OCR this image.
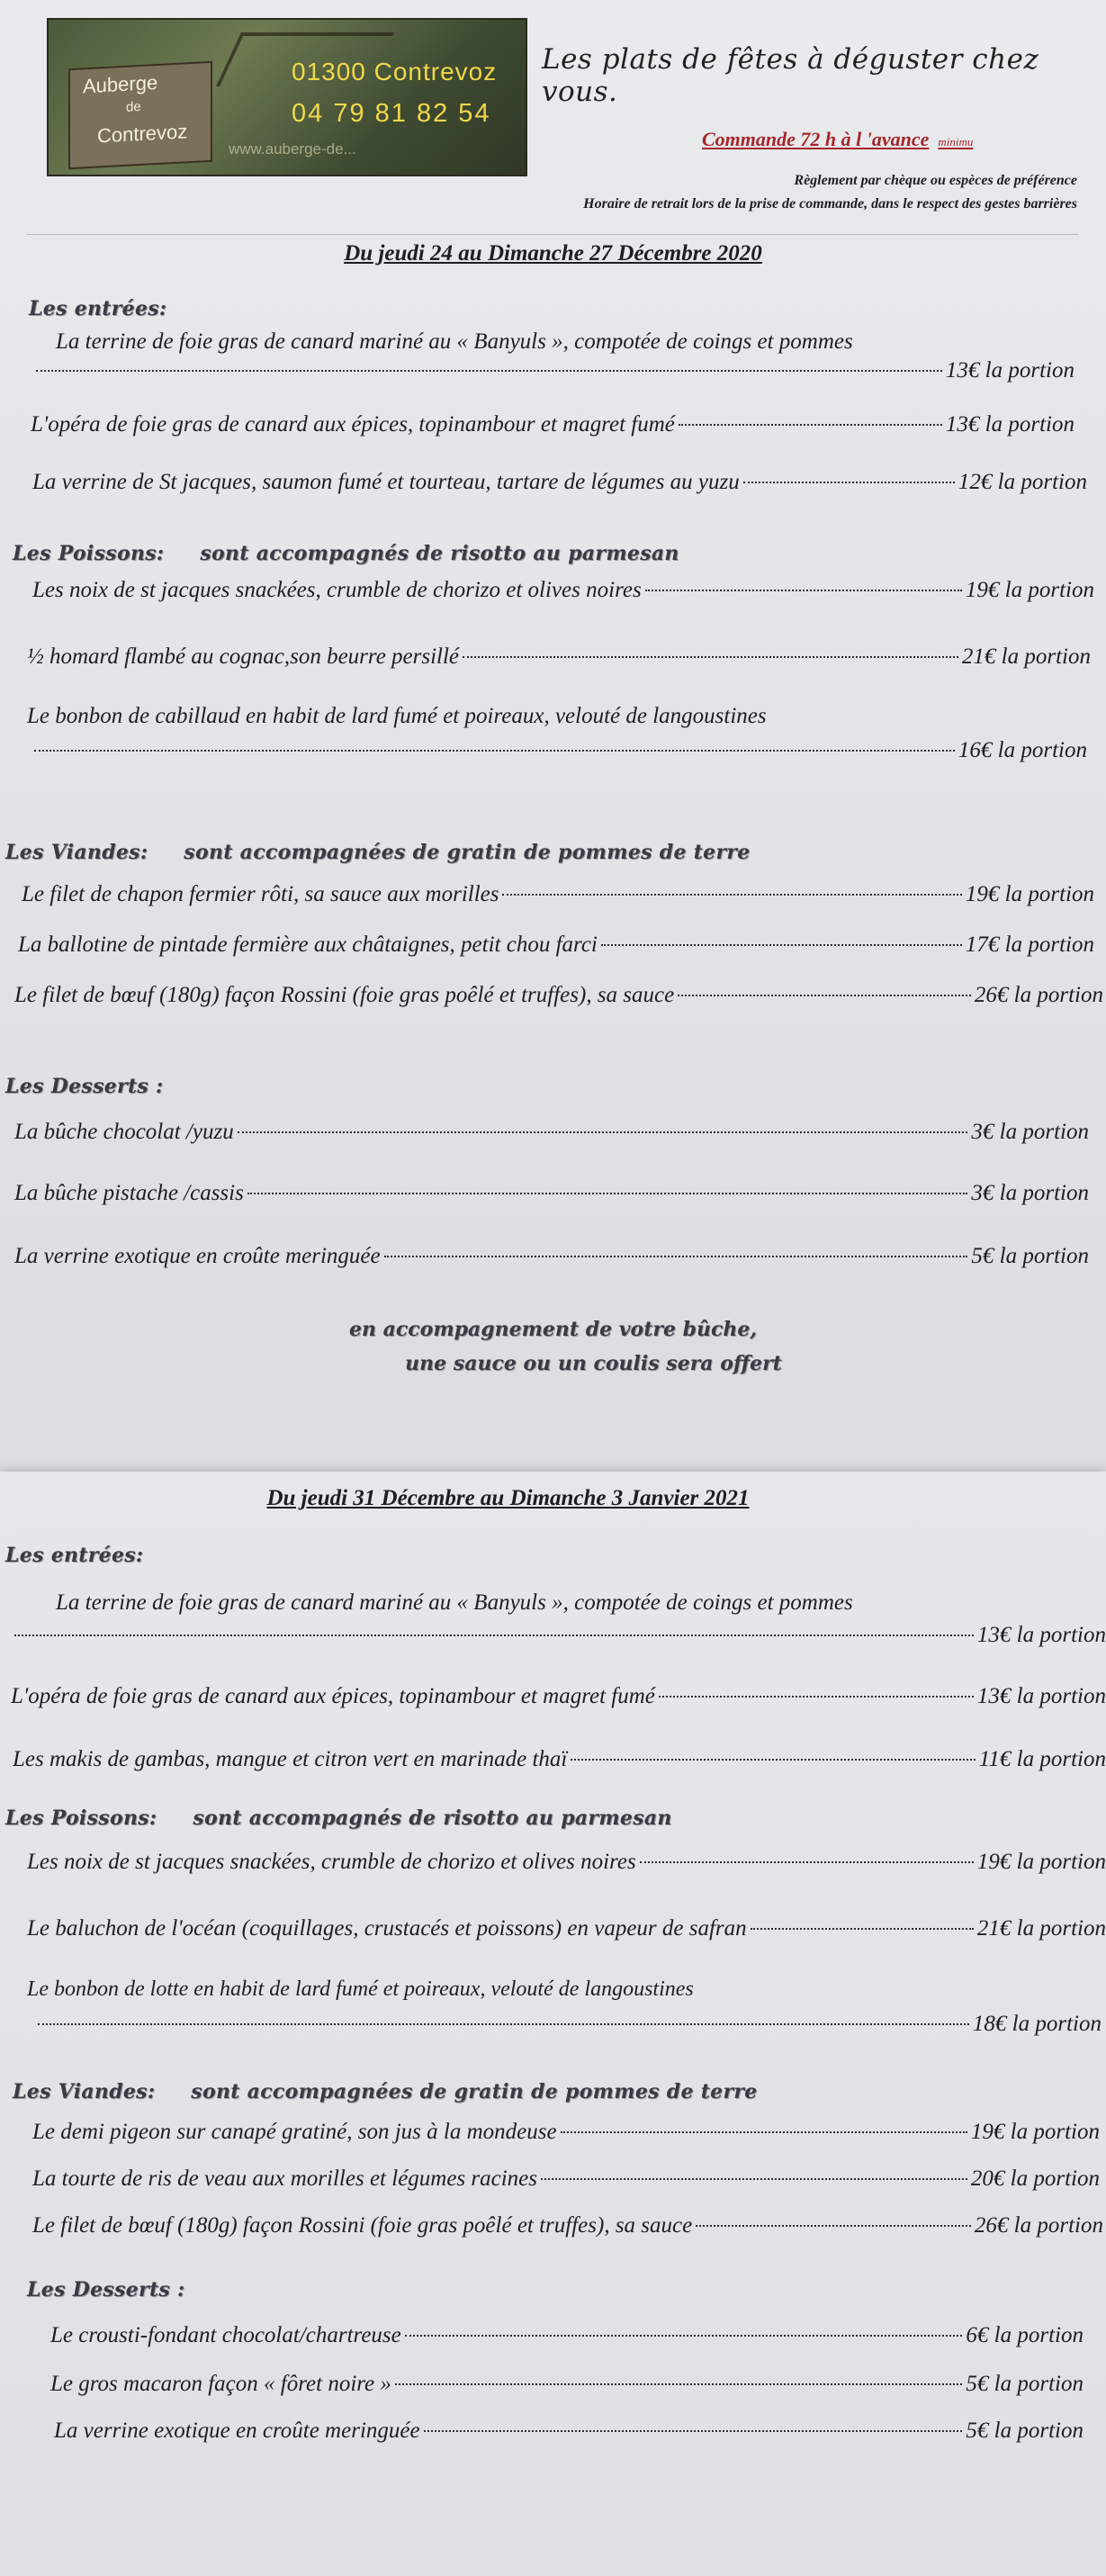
Auberge
de
Contrevoz
01300 Contrevoz
04 79 81 82 54
www.auberge-de...
Les plats de fêtes à déguster chez vous.
Commande 72 h à l 'avance minimu
Règlement par chèque ou espèces de préférence
Horaire de retrait lors de la prise de commande, dans le respect des gestes barrières
Du jeudi 24 au Dimanche 27 Décembre 2020
Les entrées:
La terrine de foie gras de canard mariné au « Banyuls », compotée de coings et pommes
13€ la portion
L'opéra de foie gras de canard aux épices, topinambour et magret fumé	13€ la portion
La verrine de St jacques, saumon fumé et tourteau, tartare de légumes au yuzu	12€ la portion
Les Poissons: sont accompagnés de risotto au parmesan
Les noix de st jacques snackées, crumble de chorizo et olives noires	19€ la portion
½ homard flambé au cognac,son beurre persillé	21€ la portion
Le bonbon de cabillaud en habit de lard fumé et poireaux, velouté de langoustines
16€ la portion
Les Viandes: sont accompagnées de gratin de pommes de terre
Le filet de chapon fermier rôti, sa sauce aux morilles	19€ la portion
La ballotine de pintade fermière aux châtaignes, petit chou farci	17€ la portion
Le filet de bœuf (180g) façon Rossini (foie gras poêlé et truffes), sa sauce	26€ la portion
Les Desserts :
La bûche chocolat /yuzu	3€ la portion
La bûche pistache /cassis	3€ la portion
La verrine exotique en croûte meringuée	5€ la portion
en accompagnement de votre bûche,
une sauce ou un coulis sera offert
Du jeudi 31 Décembre au Dimanche 3 Janvier 2021
Les entrées:
La terrine de foie gras de canard mariné au « Banyuls », compotée de coings et pommes
13€ la portion
L'opéra de foie gras de canard aux épices, topinambour et magret fumé	13€ la portion
Les makis de gambas, mangue et citron vert en marinade thaï	11€ la portion
Les Poissons: sont accompagnés de risotto au parmesan
Les noix de st jacques snackées, crumble de chorizo et olives noires	19€ la portion
Le baluchon de l'océan (coquillages, crustacés et poissons) en vapeur de safran	21€ la portion
Le bonbon de lotte en habit de lard fumé et poireaux, velouté de langoustines
18€ la portion
Les Viandes: sont accompagnées de gratin de pommes de terre
Le demi pigeon sur canapé gratiné, son jus à la mondeuse	19€ la portion
La tourte de ris de veau aux morilles et légumes racines	20€ la portion
Le filet de bœuf (180g) façon Rossini (foie gras poêlé et truffes), sa sauce	26€ la portion
Les Desserts :
Le crousti-fondant chocolat/chartreuse	6€ la portion
Le gros macaron façon « fôret noire »	5€ la portion
La verrine exotique en croûte meringuée	5€ la portion
